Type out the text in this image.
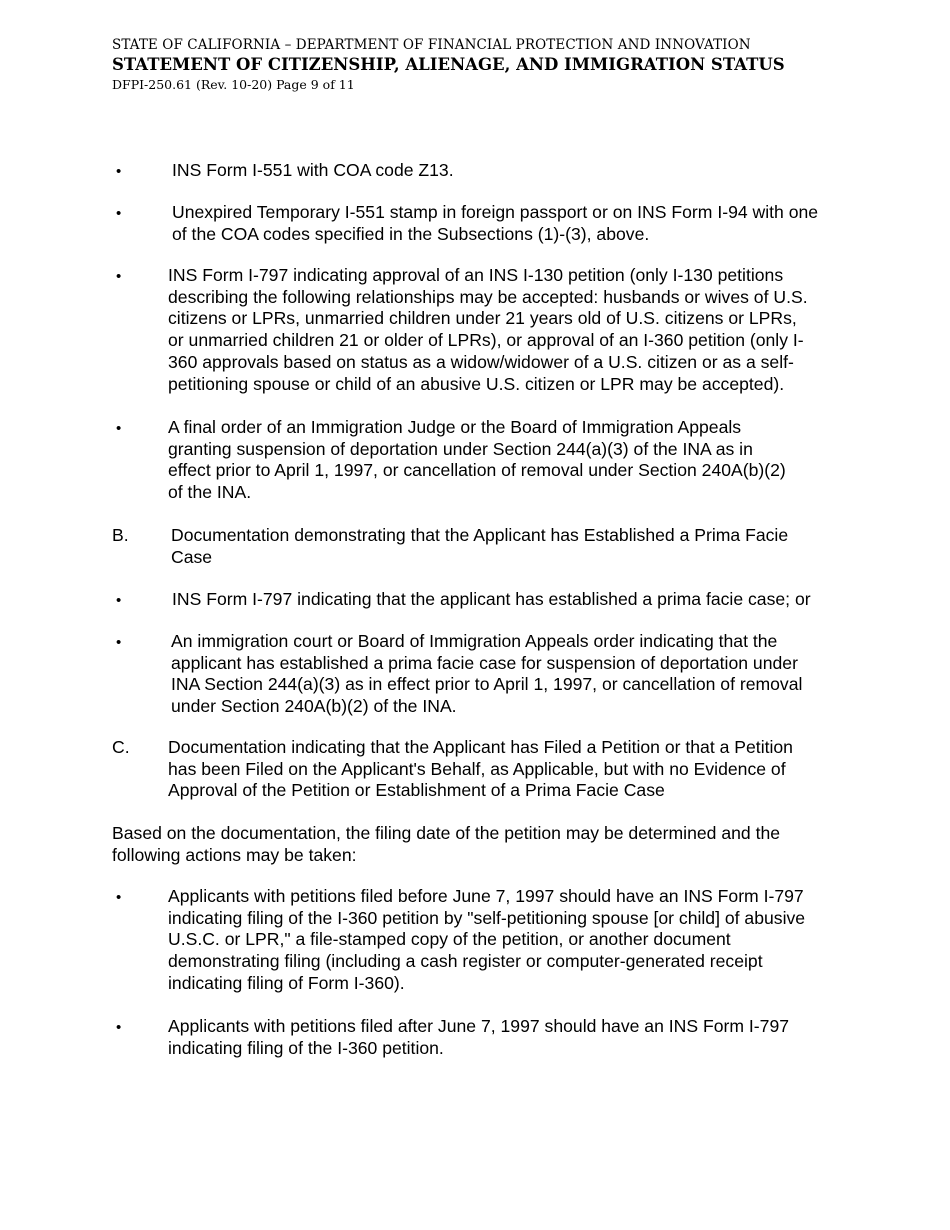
STATE OF CALIFORNIA – DEPARTMENT OF FINANCIAL PROTECTION AND INNOVATION
STATEMENT OF CITIZENSHIP, ALIENAGE, AND IMMIGRATION STATUS
DFPI-250.61 (Rev. 10-20) Page 9 of 11
•	INS Form I-551 with COA code Z13.
•	Unexpired Temporary I-551 stamp in foreign passport or on INS Form I-94 with one
of the COA codes specified in the Subsections (1)-(3), above.
•	INS Form I-797 indicating approval of an INS I-130 petition (only I-130 petitions
describing the following relationships may be accepted: husbands or wives of U.S.
citizens or LPRs, unmarried children under 21 years old of U.S. citizens or LPRs,
or unmarried children 21 or older of LPRs), or approval of an I-360 petition (only I-
360 approvals based on status as a widow/widower of a U.S. citizen or as a self-
petitioning spouse or child of an abusive U.S. citizen or LPR may be accepted).
•	A final order of an Immigration Judge or the Board of Immigration Appeals
granting suspension of deportation under Section 244(a)(3) of the INA as in
effect prior to April 1, 1997, or cancellation of removal under Section 240A(b)(2)
of the INA.
B. Documentation demonstrating that the Applicant has Established a Prima Facie
Case
•	INS Form I-797 indicating that the applicant has established a prima facie case; or
•	An immigration court or Board of Immigration Appeals order indicating that the
applicant has established a prima facie case for suspension of deportation under
INA Section 244(a)(3) as in effect prior to April 1, 1997, or cancellation of removal
under Section 240A(b)(2) of the INA.
C. Documentation indicating that the Applicant has Filed a Petition or that a Petition
has been Filed on the Applicant's Behalf, as Applicable, but with no Evidence of
Approval of the Petition or Establishment of a Prima Facie Case
Based on the documentation, the filing date of the petition may be determined and the
following actions may be taken:
•	Applicants with petitions filed before June 7, 1997 should have an INS Form I-797
indicating filing of the I-360 petition by "self-petitioning spouse [or child] of abusive
U.S.C. or LPR," a file-stamped copy of the petition, or another document
demonstrating filing (including a cash register or computer-generated receipt
indicating filing of Form I-360).
•	Applicants with petitions filed after June 7, 1997 should have an INS Form I-797
indicating filing of the I-360 petition.
